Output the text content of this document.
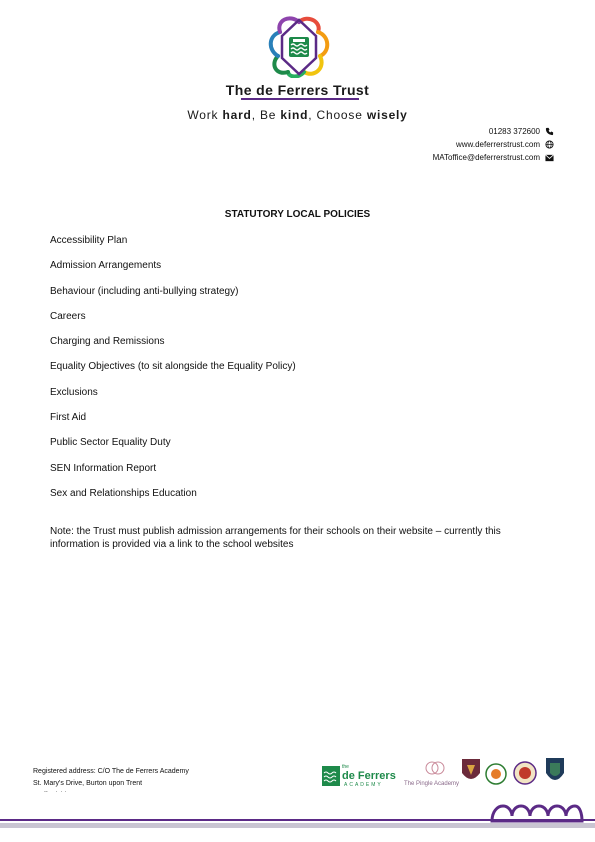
The de Ferrers Trust
Work hard, Be kind, Choose wisely
01283 372600
www.deferrerstrust.com
MAToffice@deferrerstrust.com
STATUTORY LOCAL POLICIES
Accessibility Plan
Admission Arrangements
Behaviour (including anti-bullying strategy)
Careers
Charging and Remissions
Equality Objectives (to sit alongside the Equality Policy)
Exclusions
First Aid
Public Sector Equality Duty
SEN Information Report
Sex and Relationships Education
Note: the Trust must publish admission arrangements for their schools on their website – currently this information is provided via a link to the school websites
Registered address: C/O The de Ferrers Academy
St. Mary's Drive, Burton upon Trent
the
de Ferrers
ACADEMY	The Pingle Academy
